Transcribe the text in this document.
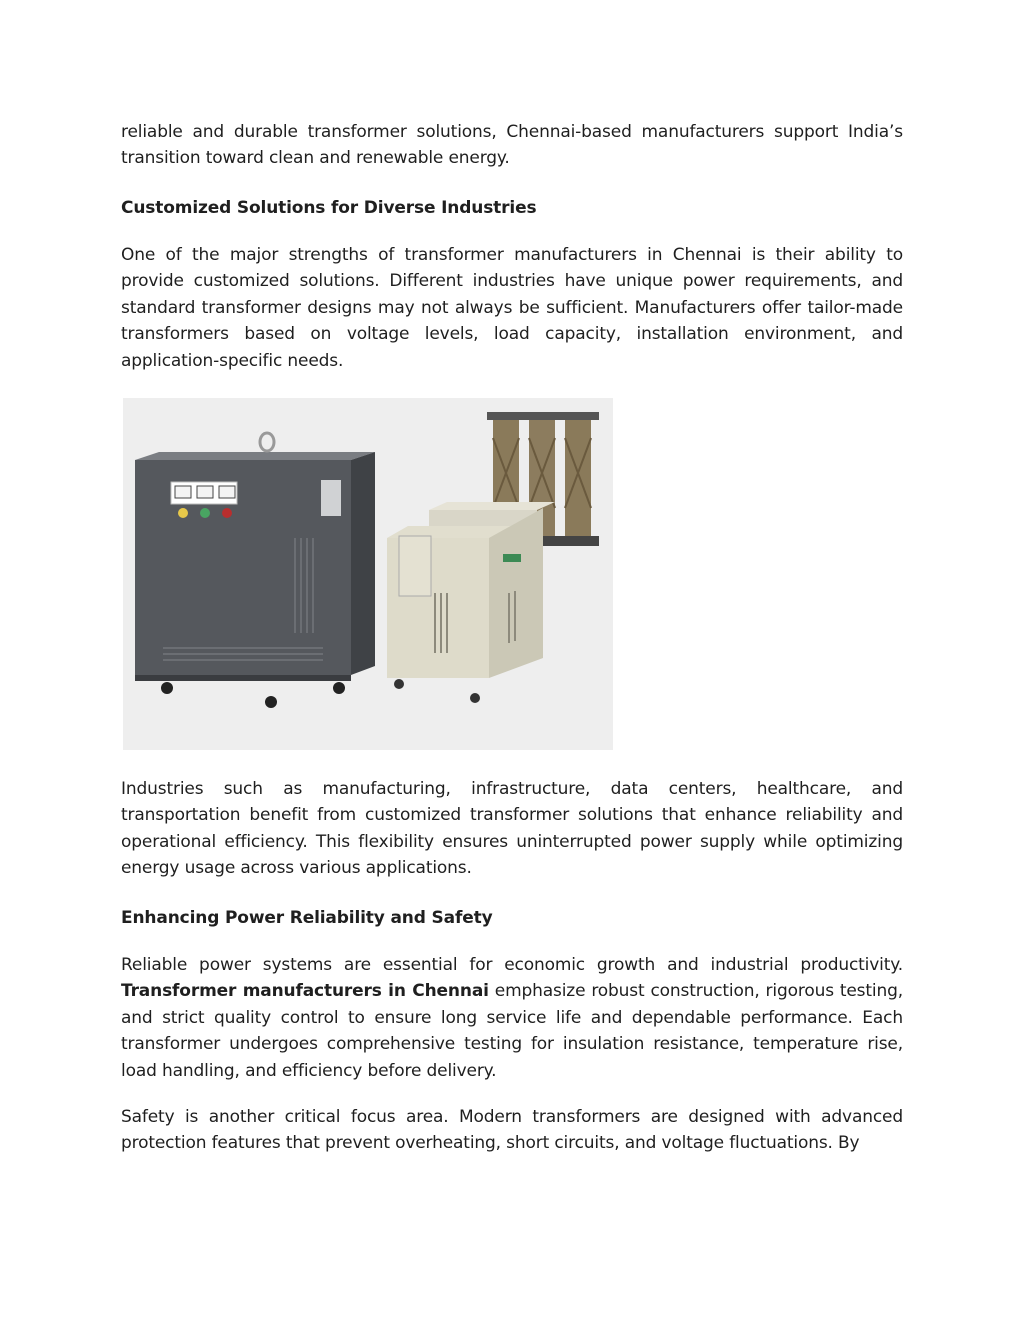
reliable and durable transformer solutions, Chennai-based manufacturers support India’s transition toward clean and renewable energy.

Customized Solutions for Diverse Industries

One of the major strengths of transformer manufacturers in Chennai is their ability to provide customized solutions. Different industries have unique power requirements, and standard transformer designs may not always be sufficient. Manufacturers offer tailor-made transformers based on voltage levels, load capacity, installation environment, and application-specific needs.

Industries such as manufacturing, infrastructure, data centers, healthcare, and transportation benefit from customized transformer solutions that enhance reliability and operational efficiency. This flexibility ensures uninterrupted power supply while optimizing energy usage across various applications.

Enhancing Power Reliability and Safety

Reliable power systems are essential for economic growth and industrial productivity. Transformer manufacturers in Chennai emphasize robust construction, rigorous testing, and strict quality control to ensure long service life and dependable performance. Each transformer undergoes comprehensive testing for insulation resistance, temperature rise, load handling, and efficiency before delivery.

Safety is another critical focus area. Modern transformers are designed with advanced protection features that prevent overheating, short circuits, and voltage fluctuations. By
